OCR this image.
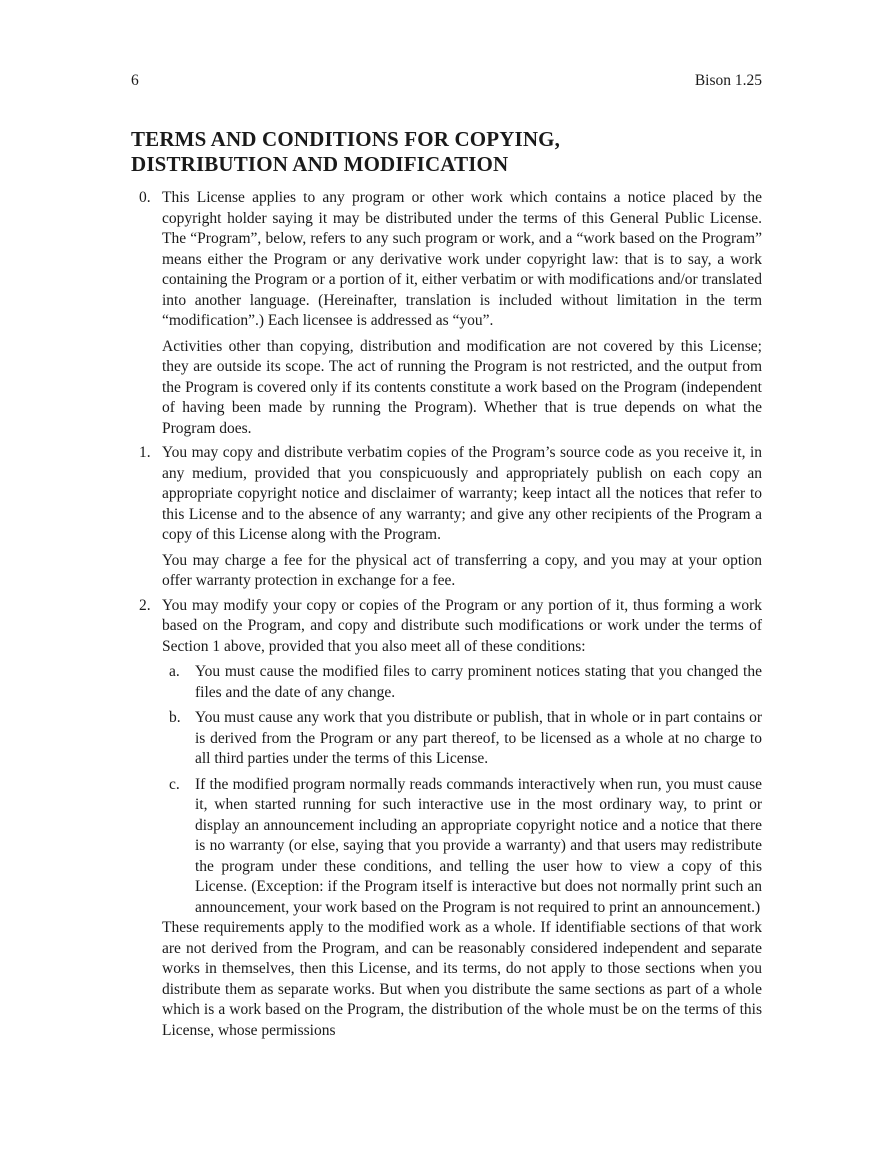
6	Bison 1.25
TERMS AND CONDITIONS FOR COPYING,
DISTRIBUTION AND MODIFICATION
0. This License applies to any program or other work which contains a notice placed by the copyright holder saying it may be distributed under the terms of this General Public License. The “Program”, below, refers to any such program or work, and a “work based on the Program” means either the Program or any derivative work under copyright law: that is to say, a work containing the Program or a portion of it, either verbatim or with modifications and/or translated into another language. (Hereinafter, translation is included without limitation in the term “modification”.) Each licensee is addressed as “you”.

Activities other than copying, distribution and modification are not covered by this License; they are outside its scope. The act of running the Program is not restricted, and the output from the Program is covered only if its contents constitute a work based on the Program (independent of having been made by running the Program). Whether that is true depends on what the Program does.

1. You may copy and distribute verbatim copies of the Program’s source code as you receive it, in any medium, provided that you conspicuously and appropriately publish on each copy an appropriate copyright notice and disclaimer of warranty; keep intact all the notices that refer to this License and to the absence of any warranty; and give any other recipients of the Program a copy of this License along with the Program.

You may charge a fee for the physical act of transferring a copy, and you may at your option offer warranty protection in exchange for a fee.

2. You may modify your copy or copies of the Program or any portion of it, thus forming a work based on the Program, and copy and distribute such modifications or work under the terms of Section 1 above, provided that you also meet all of these conditions:

a. You must cause the modified files to carry prominent notices stating that you changed the files and the date of any change.

b. You must cause any work that you distribute or publish, that in whole or in part contains or is derived from the Program or any part thereof, to be licensed as a whole at no charge to all third parties under the terms of this License.

c. If the modified program normally reads commands interactively when run, you must cause it, when started running for such interactive use in the most ordinary way, to print or display an announcement including an appropriate copyright notice and a notice that there is no warranty (or else, saying that you provide a warranty) and that users may redistribute the program under these conditions, and telling the user how to view a copy of this License. (Exception: if the Program itself is interactive but does not normally print such an announcement, your work based on the Program is not required to print an announcement.)

These requirements apply to the modified work as a whole. If identifiable sections of that work are not derived from the Program, and can be reasonably considered independent and separate works in themselves, then this License, and its terms, do not apply to those sections when you distribute them as separate works. But when you distribute the same sections as part of a whole which is a work based on the Program, the distribution of the whole must be on the terms of this License, whose permissions
